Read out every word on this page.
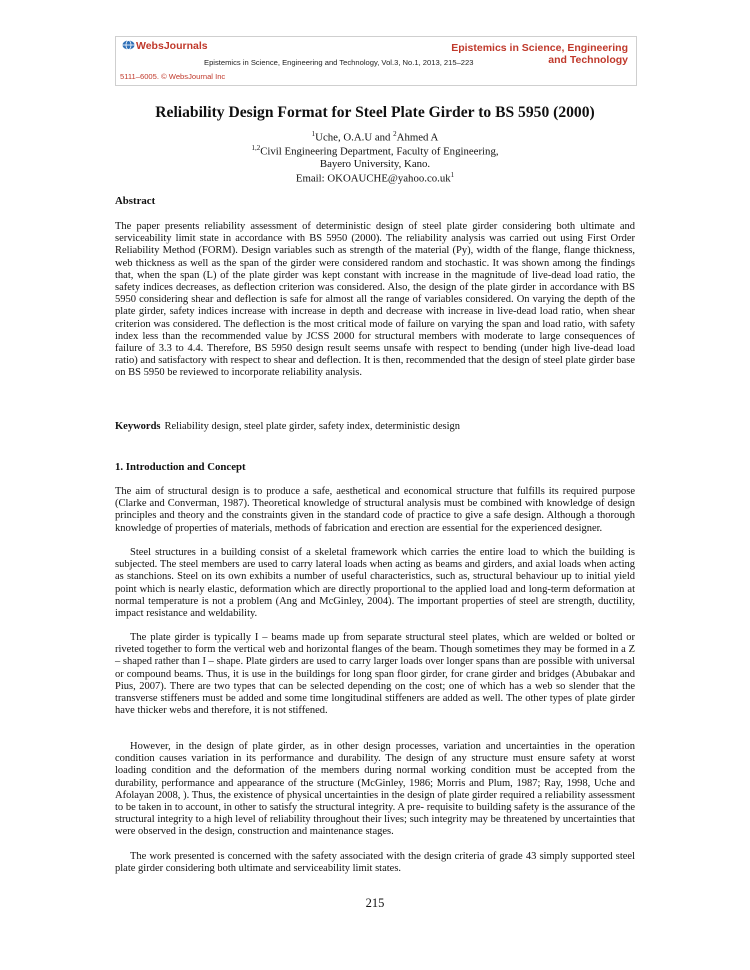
WebsJournals	Epistemics in Science, Engineering
and Technology
Epistemics in Science, Engineering and Technology, Vol.3, No.1, 2013, 215–223
5111–6005. © WebsJournal Inc
Reliability Design Format for Steel Plate Girder to BS 5950 (2000)
$^1$Uche, O.A.U and $^2$Ahmed A
$^{1,2}$Civil Engineering Department, Faculty of Engineering,
Bayero University, Kano.
Email: $OKOAUCHE@yahoo.co.uk^1$
Abstract
The paper presents reliability assessment of deterministic design of steel plate girder considering both ultimate and serviceability limit state in accordance with BS 5950 (2000). The reliability analysis was carried out using First Order Reliability Method (FORM). Design variables such as strength of the material (Py), width of the flange, flange thickness, web thickness as well as the span of the girder were considered random and stochastic. It was shown among the findings that, when the span (L) of the plate girder was kept constant with increase in the magnitude of live-dead load ratio, the safety indices decreases, as deflection criterion was considered. Also, the design of the plate girder in accordance with BS 5950 considering shear and deflection is safe for almost all the range of variables considered. On varying the depth of the plate girder, safety indices increase with increase in depth and decrease with increase in live-dead load ratio, when shear criterion was considered. The deflection is the most critical mode of failure on varying the span and load ratio, with safety index less than the recommended value by JCSS 2000 for structural members with moderate to large consequences of failure of 3.3 to 4.4. Therefore, BS 5950 design result seems unsafe with respect to bending (under high live-dead load ratio) and satisfactory with respect to shear and deflection. It is then, recommended that the design of steel plate girder base on BS 5950 be reviewed to incorporate reliability analysis.
Keywords Reliability design, steel plate girder, safety index, deterministic design
1. Introduction and Concept
The aim of structural design is to produce a safe, aesthetical and economical structure that fulfills its required purpose (Clarke and Converman, 1987). Theoretical knowledge of structural analysis must be combined with knowledge of design principles and theory and the constraints given in the standard code of practice to give a safe design. Although a thorough knowledge of properties of materials, methods of fabrication and erection are essential for the experienced designer.
Steel structures in a building consist of a skeletal framework which carries the entire load to which the building is subjected. The steel members are used to carry lateral loads when acting as beams and girders, and axial loads when acting as stanchions. Steel on its own exhibits a number of useful characteristics, such as, structural behaviour up to initial yield point which is nearly elastic, deformation which are directly proportional to the applied load and long-term deformation at normal temperature is not a problem (Ang and McGinley, 2004). The important properties of steel are strength, ductility, impact resistance and weldability.
The plate girder is typically I – beams made up from separate structural steel plates, which are welded or bolted or riveted together to form the vertical web and horizontal flanges of the beam. Though sometimes they may be formed in a Z – shaped rather than I – shape. Plate girders are used to carry larger loads over longer spans than are possible with universal or compound beams. Thus, it is use in the buildings for long span floor girder, for crane girder and bridges (Abubakar and Pius, 2007). There are two types that can be selected depending on the cost; one of which has a web so slender that the transverse stiffeners must be added and some time longitudinal stiffeners are added as well. The other types of plate girder have thicker webs and therefore, it is not stiffened.
However, in the design of plate girder, as in other design processes, variation and uncertainties in the operation condition causes variation in its performance and durability. The design of any structure must ensure safety at worst loading condition and the deformation of the members during normal working condition must be accepted from the durability, performance and appearance of the structure (McGinley, 1986; Morris and Plum, 1987; Ray, 1998, Uche and Afolayan 2008, ). Thus, the existence of physical uncertainties in the design of plate girder required a reliability assessment to be taken in to account, in other to satisfy the structural integrity. A pre- requisite to building safety is the assurance of the structural integrity to a high level of reliability throughout their lives; such integrity may be threatened by uncertainties that were observed in the design, construction and maintenance stages.
The work presented is concerned with the safety associated with the design criteria of grade 43 simply supported steel plate girder considering both ultimate and serviceability limit states.
215
